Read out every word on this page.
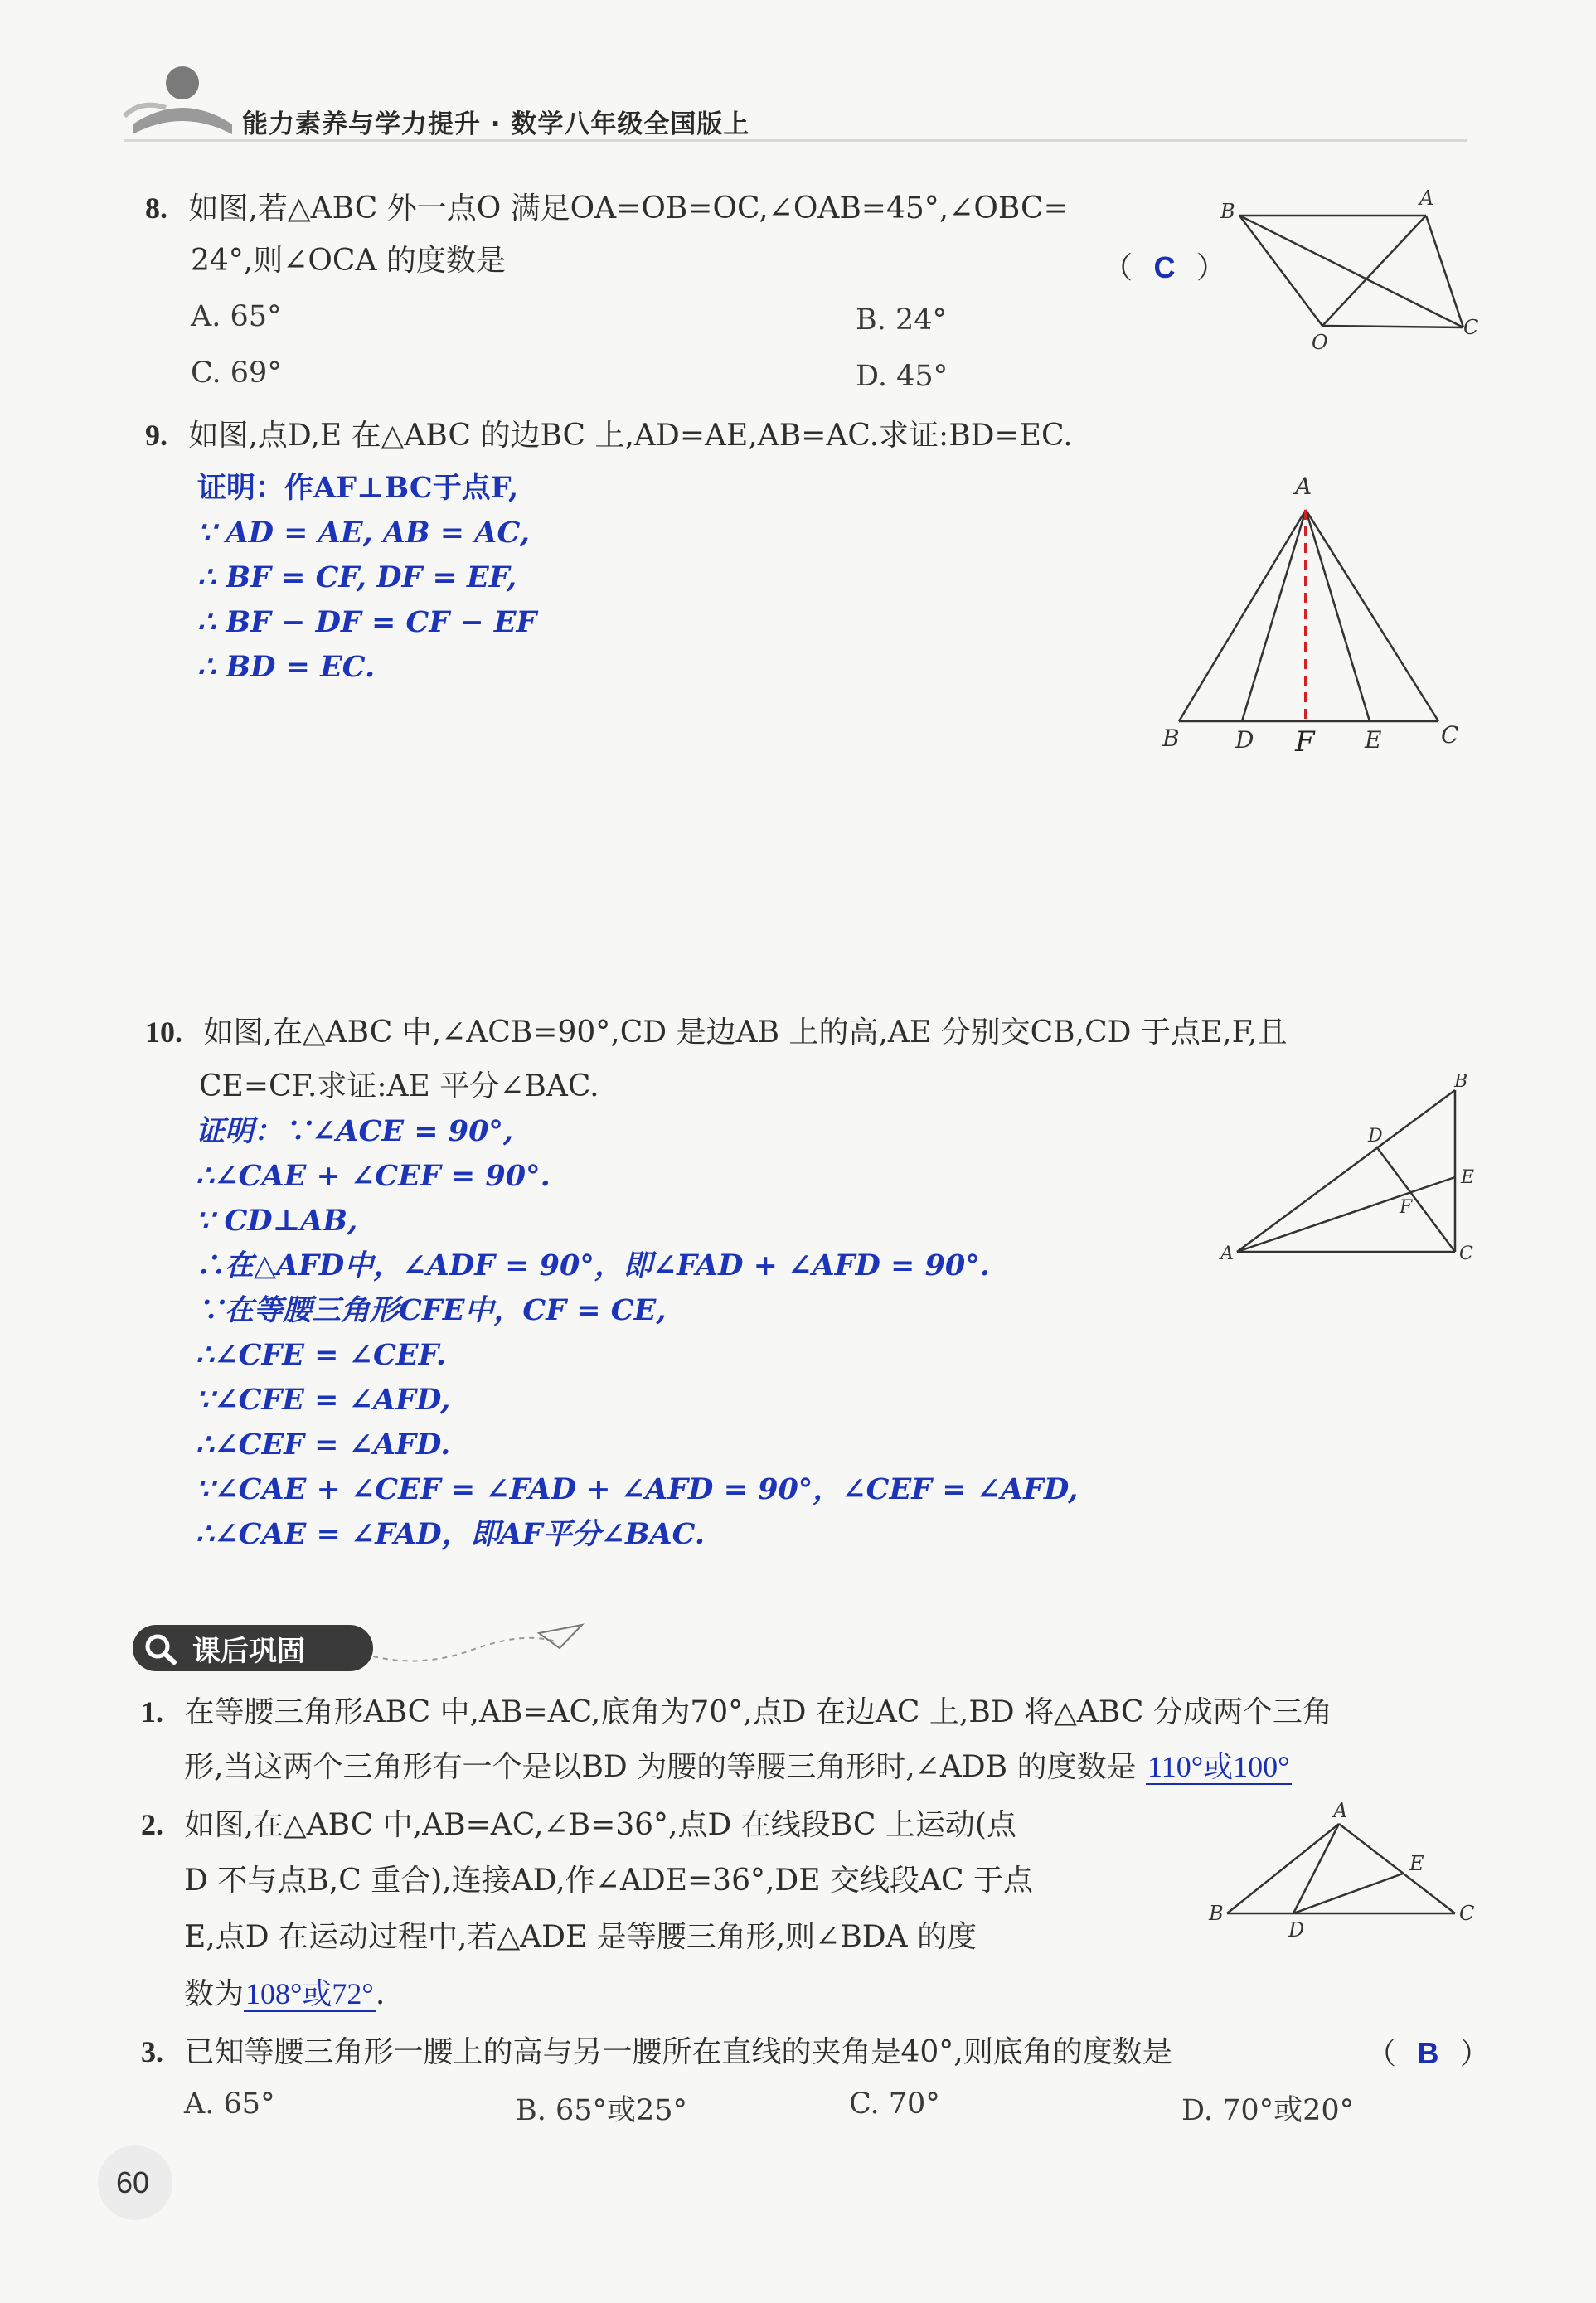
能力素养与学力提升 · 数学八年级全国版上
8. 如图,若△ABC 外一点O 满足OA=OB=OC,∠OAB=45°,∠OBC=
24°,则∠OCA 的度数是	（ C ）
A. 65°	B. 24°
C. 69°	D. 45°
B
A
O
C
9. 如图,点D,E 在△ABC 的边BC 上,AD=AE,AB=AC.求证:BD=EC.
证明：作AF⊥BC于点F,
∵ AD = AE, AB = AC,
∴ BF = CF, DF = EF,
∴ BF − DF = CF − EF
∴ BD = EC.
A
B D F E	C
10. 如图,在△ABC 中,∠ACB=90°,CD 是边AB 上的高,AE 分别交CB,CD 于点E,F,且
CE=CF.求证:AE 平分∠BAC.
证明：∵∠ACE = 90°,
∴∠CAE + ∠CEF = 90°.
∵ CD⊥AB,
∴在△AFD中，∠ADF = 90°，即∠FAD + ∠AFD = 90°.
∵在等腰三角形CFE中，CF = CE,
∴∠CFE = ∠CEF.
∵∠CFE = ∠AFD,
∴∠CEF = ∠AFD.
∵∠CAE + ∠CEF = ∠FAD + ∠AFD = 90°，∠CEF = ∠AFD,
∴∠CAE = ∠FAD，即AF平分∠BAC.
B
D
E
F
A	C
课后巩固
1. 在等腰三角形ABC 中,AB=AC,底角为70°,点D 在边AC 上,BD 将△ABC 分成两个三角
形,当这两个三角形有一个是以BD 为腰的等腰三角形时,∠ADB 的度数是 110°或100°
2. 如图,在△ABC 中,AB=AC,∠B=36°,点D 在线段BC 上运动(点
D 不与点B,C 重合),连接AD,作∠ADE=36°,DE 交线段AC 于点
E,点D 在运动过程中,若△ADE 是等腰三角形,则∠BDA 的度
数为108°或72°.
A
E
B
D
C
3. 已知等腰三角形一腰上的高与另一腰所在直线的夹角是40°,则底角的度数是	（ B ）
A. 65°	B. 65°或25°	C. 70°	D. 70°或20°
60
